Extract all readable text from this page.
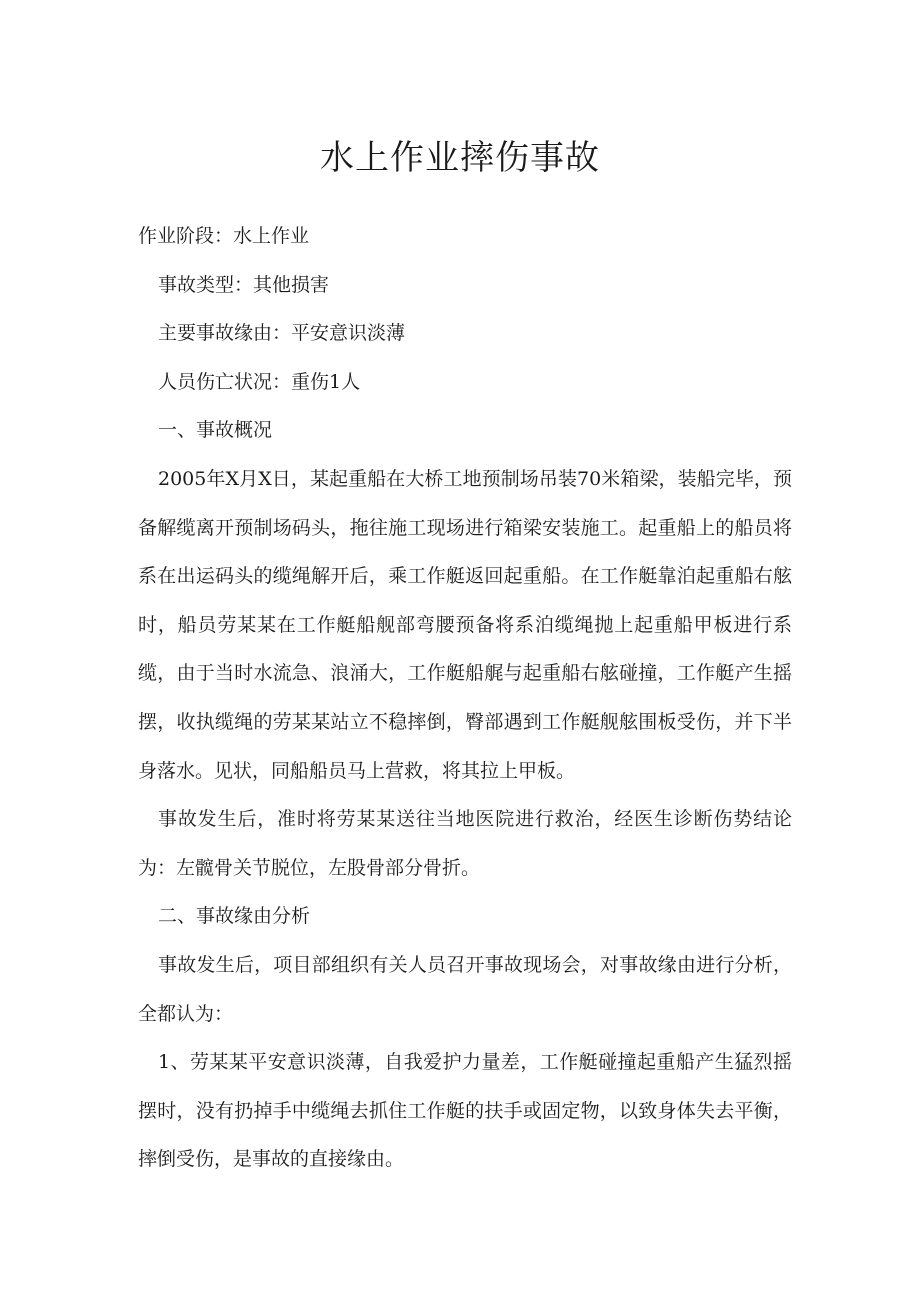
水上作业摔伤事故

作业阶段：水上作业

事故类型：其他损害

主要事故缘由：平安意识淡薄

人员伤亡状况：重伤1人

一、事故概况

2005年X月X日，某起重船在大桥工地预制场吊装70米箱梁，装船完毕，预备解缆离开预制场码头，拖往施工现场进行箱梁安装施工。起重船上的船员将系在出运码头的缆绳解开后，乘工作艇返回起重船。在工作艇靠泊起重船右舷时，船员劳某某在工作艇船舰部弯腰预备将系泊缆绳抛上起重船甲板进行系缆，由于当时水流急、浪涌大，工作艇船艉与起重船右舷碰撞，工作艇产生摇摆，收执缆绳的劳某某站立不稳摔倒，臀部遇到工作艇舰舷围板受伤，并下半身落水。见状，同船船员马上营救，将其拉上甲板。

事故发生后，准时将劳某某送往当地医院进行救治，经医生诊断伤势结论为：左髋骨关节脱位，左股骨部分骨折。

二、事故缘由分析

事故发生后，项目部组织有关人员召开事故现场会，对事故缘由进行分析，全都认为：

1、劳某某平安意识淡薄，自我爱护力量差，工作艇碰撞起重船产生猛烈摇摆时，没有扔掉手中缆绳去抓住工作艇的扶手或固定物，以致身体失去平衡，摔倒受伤，是事故的直接缘由。
